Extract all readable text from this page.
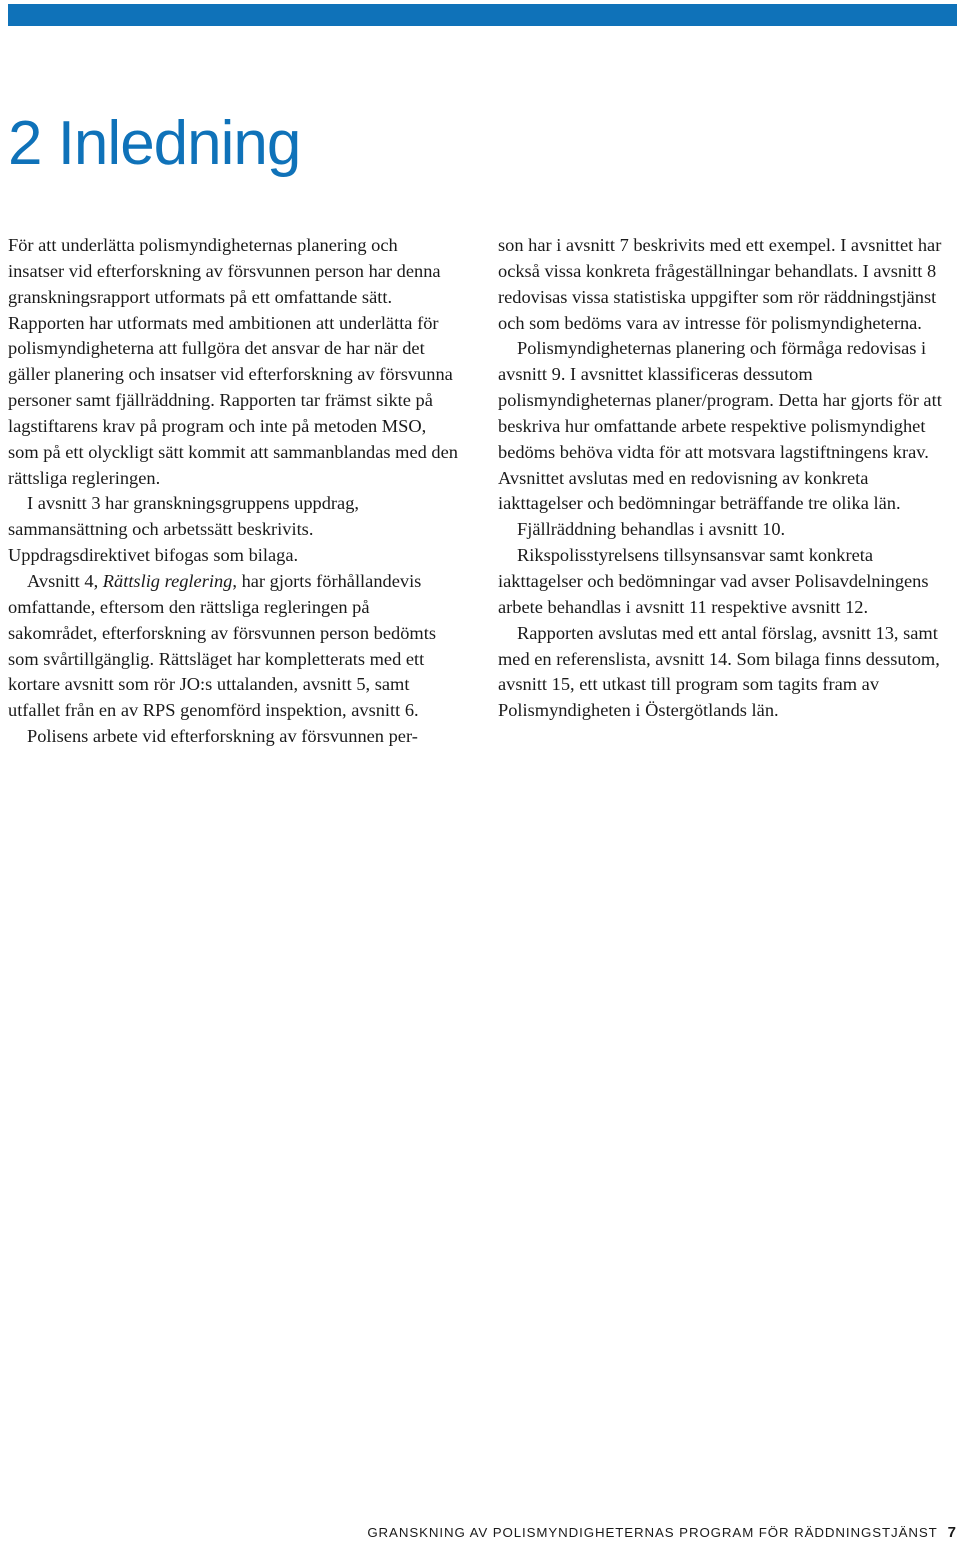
2 Inledning

För att underlätta polismyndigheternas planering och insatser vid efterforskning av försvunnen person har denna granskningsrapport utformats på ett omfattande sätt. Rapporten har utformats med ambitionen att underlätta för polismyndigheterna att fullgöra det ansvar de har när det gäller planering och insatser vid efterforskning av försvunna personer samt fjällräddning. Rapporten tar främst sikte på lagstiftarens krav på program och inte på metoden MSO, som på ett olyckligt sätt kommit att sammanblandas med den rättsliga regleringen.

I avsnitt 3 har granskningsgruppens uppdrag, sammansättning och arbetssätt beskrivits. Uppdragsdirektivet bifogas som bilaga.

Avsnitt 4, Rättslig reglering, har gjorts förhållandevis omfattande, eftersom den rättsliga regleringen på sakområdet, efterforskning av försvunnen person bedömts som svårtillgänglig. Rättsläget har kompletterats med ett kortare avsnitt som rör JO:s uttalanden, avsnitt 5, samt utfallet från en av RPS genomförd inspektion, avsnitt 6.

Polisens arbete vid efterforskning av försvunnen per-

son har i avsnitt 7 beskrivits med ett exempel. I avsnittet har också vissa konkreta frågeställningar behandlats. I avsnitt 8 redovisas vissa statistiska uppgifter som rör räddningstjänst och som bedöms vara av intresse för polismyndigheterna.

Polismyndigheternas planering och förmåga redovisas i avsnitt 9. I avsnittet klassificeras dessutom polismyndigheternas planer/program. Detta har gjorts för att beskriva hur omfattande arbete respektive polismyndighet bedöms behöva vidta för att motsvara lagstiftningens krav. Avsnittet avslutas med en redovisning av konkreta iakttagelser och bedömningar beträffande tre olika län.

Fjällräddning behandlas i avsnitt 10.

Rikspolisstyrelsens tillsynsansvar samt konkreta iakttagelser och bedömningar vad avser Polisavdelningens arbete behandlas i avsnitt 11 respektive avsnitt 12.

Rapporten avslutas med ett antal förslag, avsnitt 13, samt med en referenslista, avsnitt 14. Som bilaga finns dessutom, avsnitt 15, ett utkast till program som tagits fram av Polismyndigheten i Östergötlands län.

GRANSKNING AV POLISMYNDIGHETERNAS PROGRAM FÖR RÄDDNINGSTJÄNST 7
